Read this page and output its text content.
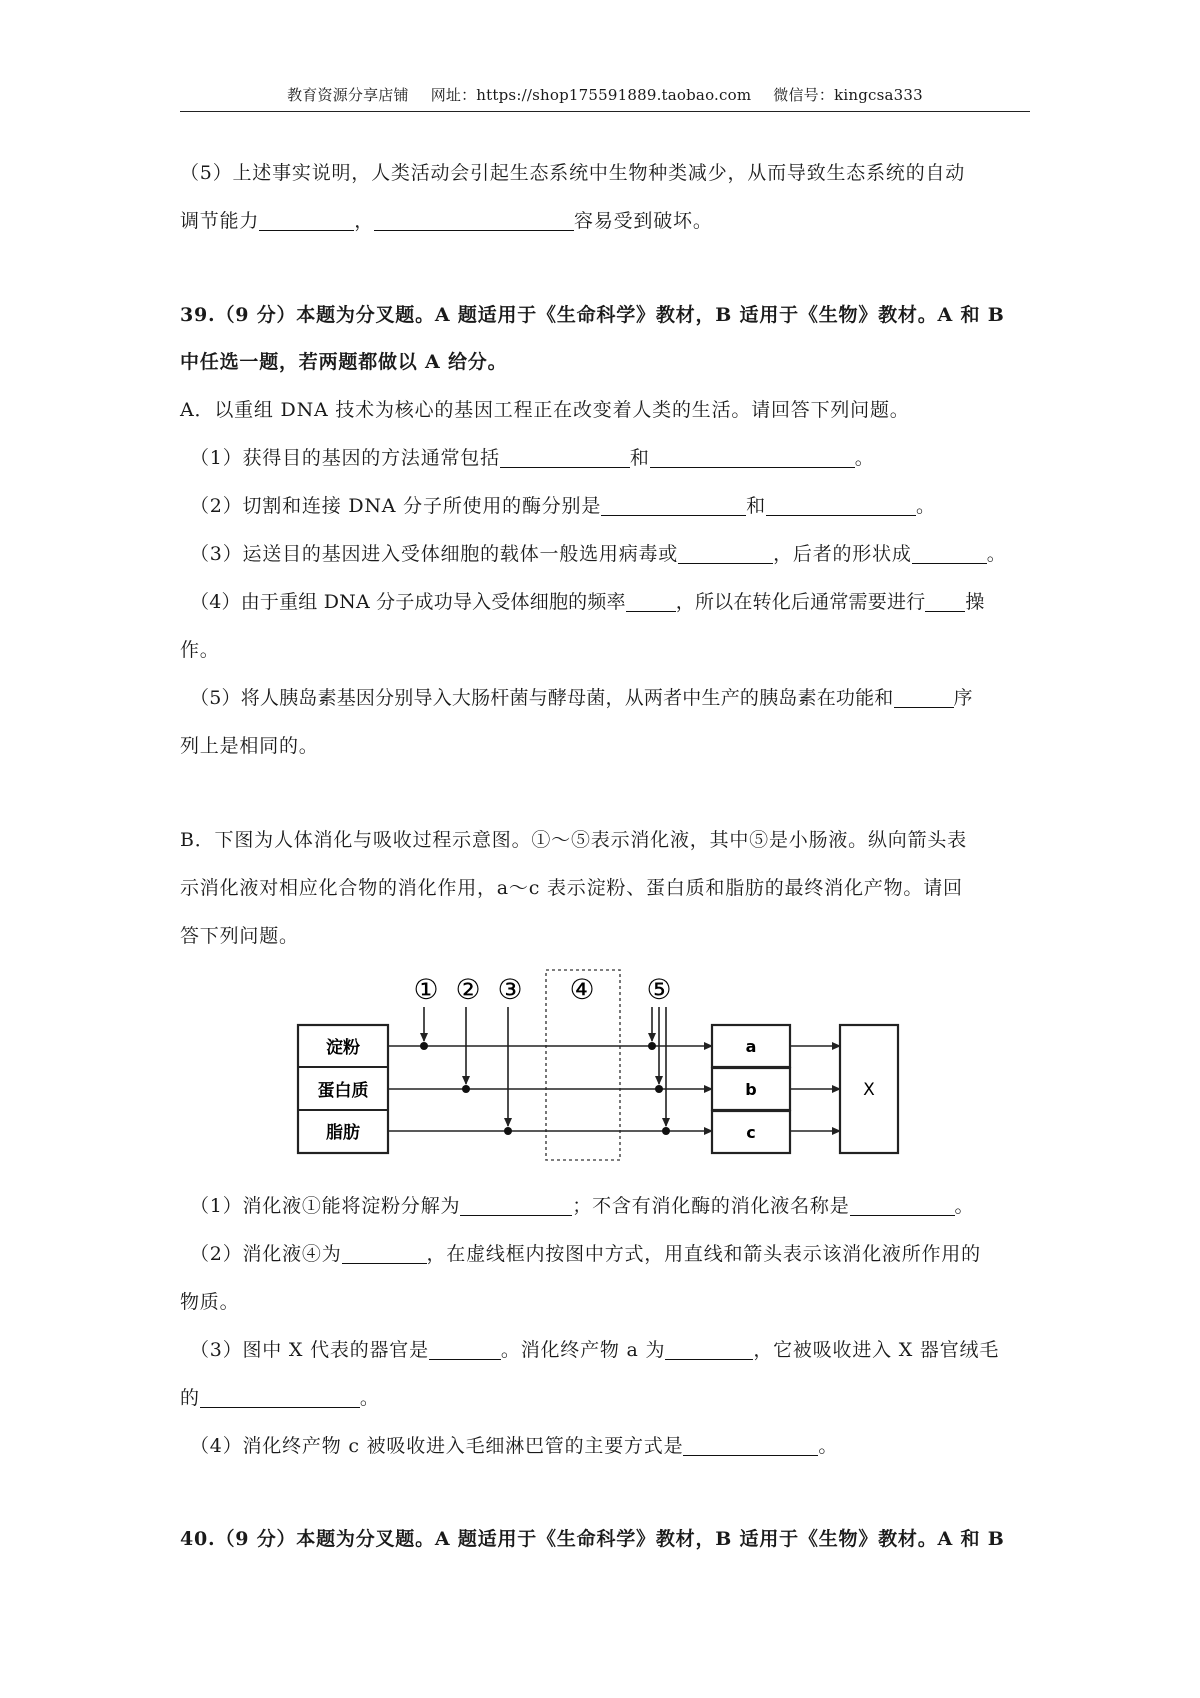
教育资源分享店铺 网址：https://shop175591889.taobao.com 微信号：kingcsa333
（5）上述事实说明，人类活动会引起生态系统中生物种类减少，从而导致生态系统的自动
调节能力	，	容易受到破坏。
39.（9 分）本题为分叉题。A 题适用于《生命科学》教材，B 适用于《生物》教材。A 和 B
中任选一题，若两题都做以 A 给分。
A．以重组 DNA 技术为核心的基因工程正在改变着人类的生活。请回答下列问题。
（1）获得目的基因的方法通常包括	和	。
（2）切割和连接 DNA 分子所使用的酶分别是	和	。
（3）运送目的基因进入受体细胞的载体一般选用病毒或	，后者的形状成	。
（4）由于重组 DNA 分子成功导入受体细胞的频率	，所以在转化后通常需要进行 操
作。
（5）将人胰岛素基因分别导入大肠杆菌与酵母菌，从两者中生产的胰岛素在功能和	序
列上是相同的。
B．下图为人体消化与吸收过程示意图。①～⑤表示消化液，其中⑤是小肠液。纵向箭头表
示消化液对相应化合物的消化作用，a～c 表示淀粉、蛋白质和脂肪的最终消化产物。请回
答下列问题。
淀粉
蛋白质
脂肪
① ② ③ ④ ⑤
a
b
c
X
（1）消化液①能将淀粉分解为	；不含有消化酶的消化液名称是	。
（2）消化液④为	，在虚线框内按图中方式，用直线和箭头表示该消化液所作用的
物质。
（3）图中 X 代表的器官是	。消化终产物 a 为	，它被吸收进入 X 器官绒毛
的	。
（4）消化终产物 c 被吸收进入毛细淋巴管的主要方式是	。
40.（9 分）本题为分叉题。A 题适用于《生命科学》教材，B 适用于《生物》教材。A 和 B
